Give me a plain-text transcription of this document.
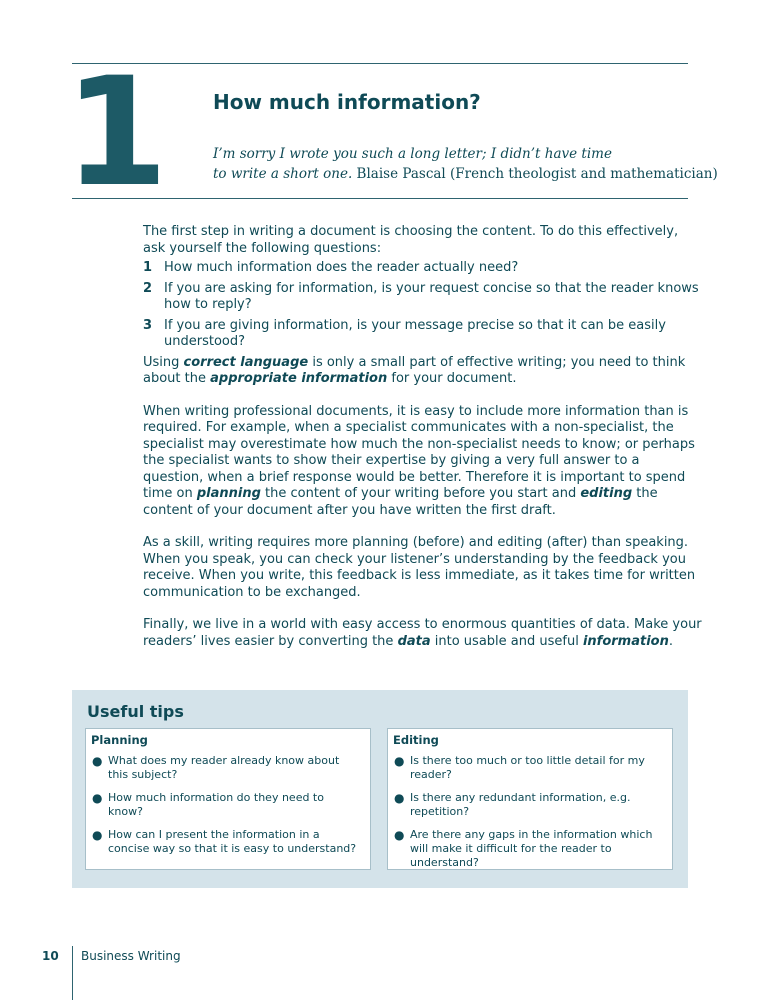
1	How much information?

I’m sorry I wrote you such a long letter; I didn’t have time
to write a short one. Blaise Pascal (French theologist and mathematician)

The first step in writing a document is choosing the content. To do this effectively, ask yourself the following questions:

1 How much information does the reader actually need?
2 If you are asking for information, is your request concise so that the reader knows how to reply?
3 If you are giving information, is your message precise so that it can be easily understood?

Using correct language is only a small part of effective writing; you need to think about the appropriate information for your document.

When writing professional documents, it is easy to include more information than is required. For example, when a specialist communicates with a non-specialist, the specialist may overestimate how much the non-specialist needs to know; or perhaps the specialist wants to show their expertise by giving a very full answer to a question, when a brief response would be better. Therefore it is important to spend time on planning the content of your writing before you start and editing the content of your document after you have written the first draft.

As a skill, writing requires more planning (before) and editing (after) than speaking. When you speak, you can check your listener’s understanding by the feedback you receive. When you write, this feedback is less immediate, as it takes time for written communication to be exchanged.

Finally, we live in a world with easy access to enormous quantities of data. Make your readers’ lives easier by converting the data into usable and useful information.

Useful tips
Planning
● What does my reader already know about this subject?
● How much information do they need to know?
● How can I present the information in a concise way so that it is easy to understand?
Editing
● Is there too much or too little detail for my reader?
● Is there any redundant information, e.g. repetition?
● Are there any gaps in the information which will make it difficult for the reader to understand?
10 Business Writing
